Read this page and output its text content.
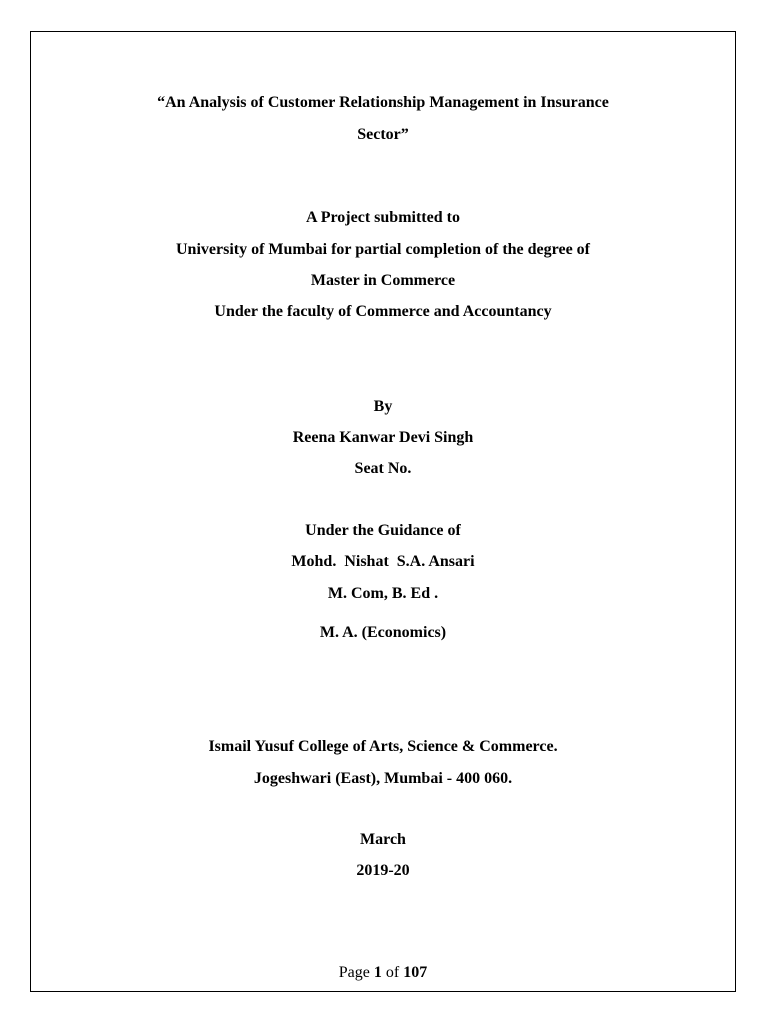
“An Analysis of Customer Relationship Management in Insurance
Sector”
A Project submitted to
University of Mumbai for partial completion of the degree of
Master in Commerce
Under the faculty of Commerce and Accountancy
By
Reena Kanwar Devi Singh
Seat No.
Under the Guidance of
Mohd.  Nishat  S.A. Ansari
M. Com, B. Ed .
M. A. (Economics)
Ismail Yusuf College of Arts, Science & Commerce.
Jogeshwari (East), Mumbai - 400 060.
March
2019-20
Page 1 of 107
